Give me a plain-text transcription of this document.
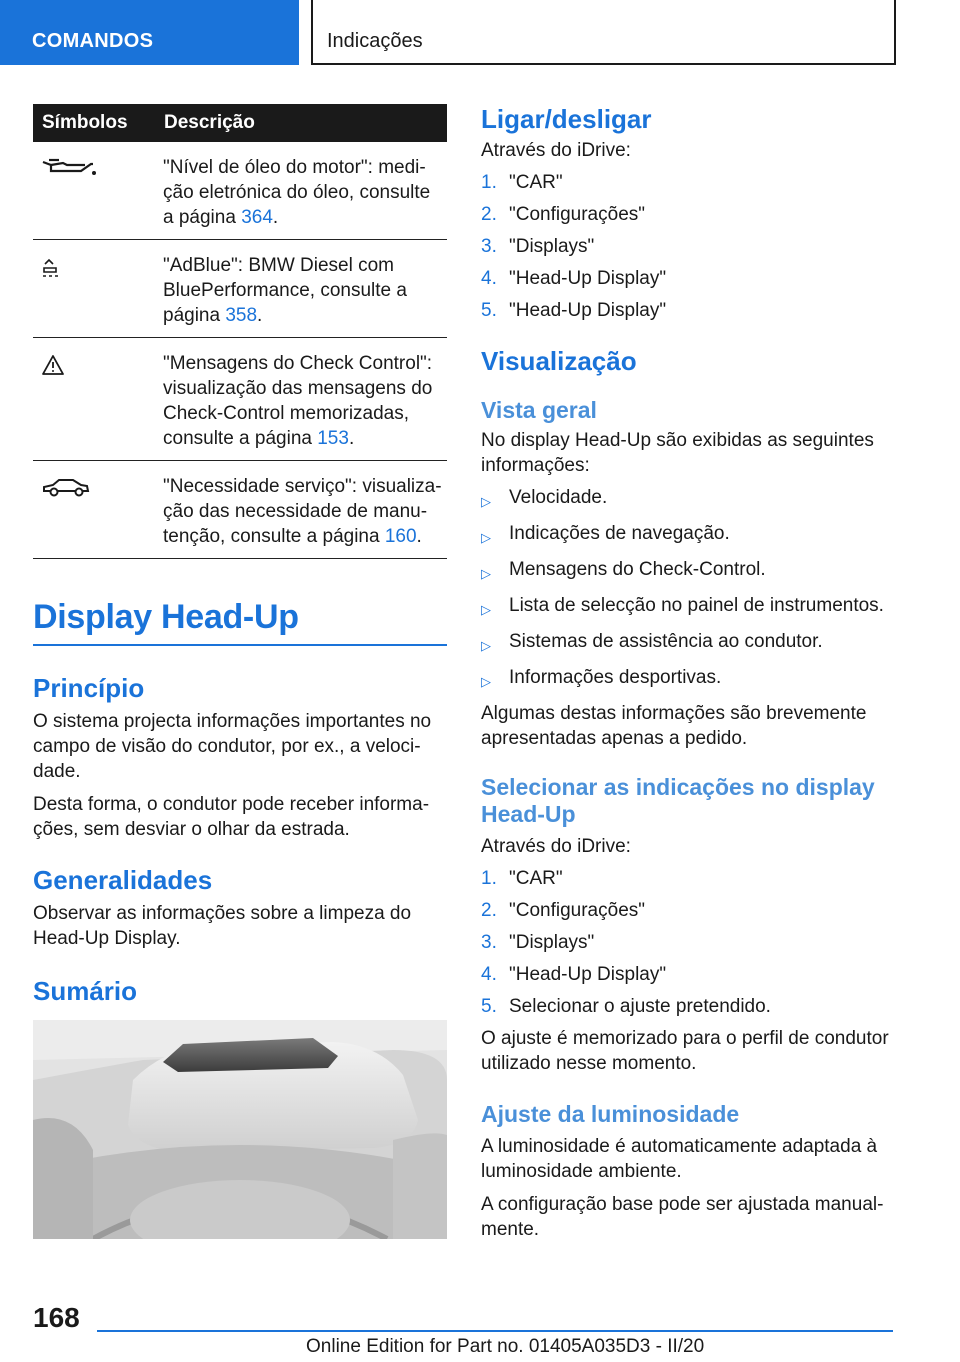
COMANDOS	Indicações
Símbolos	Descrição
	"Nível de óleo do motor": medi-
ção eletrónica do óleo, consulte
a página 364.
	"AdBlue": BMW Diesel com
BluePerformance, consulte a
página 358.
	"Mensagens do Check Control":
visualização das mensagens do
Check-Control memorizadas,
consulte a página 153.
	"Necessidade serviço": visualiza-
ção das necessidade de manu-
tenção, consulte a página 160.
Display Head-Up
Princípio

O sistema projecta informações importantes no campo de visão do condutor, por ex., a veloci-dade.

Desta forma, o condutor pode receber informa-ções, sem desviar o olhar da estrada.

Generalidades

Observar as informações sobre a limpeza do Head-Up Display.

Sumário
Ligar/desligar

Através do iDrive:

1. "CAR"
2. "Configurações"
3. "Displays"
4. "Head-Up Display"
5. "Head-Up Display"
Visualização
Vista geral

No display Head-Up são exibidas as seguintes informações:

▷ Velocidade.
▷ Indicações de navegação.
▷ Mensagens do Check-Control.
▷ Lista de selecção no painel de instrumentos.
▷ Sistemas de assistência ao condutor.
▷ Informações desportivas.

Algumas destas informações são brevemente apresentadas apenas a pedido.

Selecionar as indicações no display Head-Up

Através do iDrive:

1. "CAR"
2. "Configurações"
3. "Displays"
4. "Head-Up Display"
5. Selecionar o ajuste pretendido.

O ajuste é memorizado para o perfil de condutor utilizado nesse momento.

Ajuste da luminosidade

A luminosidade é automaticamente adaptada à luminosidade ambiente.

A configuração base pode ser ajustada manual-mente.

168
Online Edition for Part no. 01405A035D3 - II/20
